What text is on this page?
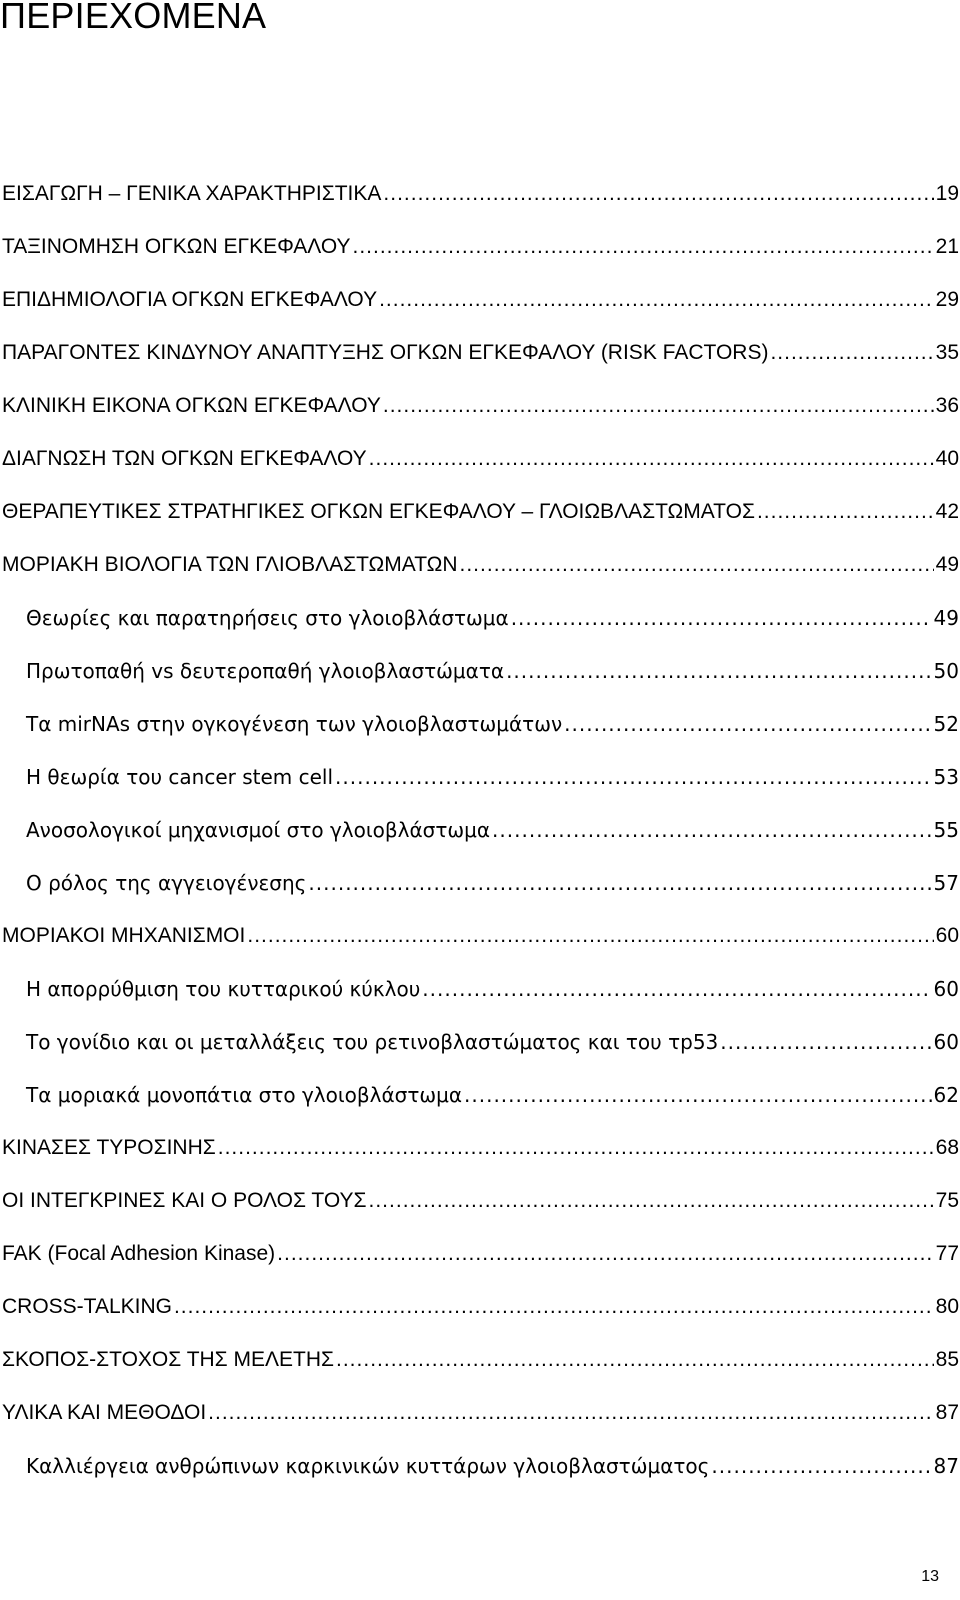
ΠΕΡΙΕΧΟΜΕΝΑ
ΕΙΣΑΓΩΓΗ – ΓΕΝΙΚΑ ΧΑΡΑΚΤΗΡΙΣΤΙΚΑ .....	19
ΤΑΞΙΝΟΜΗΣΗ ΟΓΚΩΝ ΕΓΚΕΦΑΛΟΥ .....	21
ΕΠΙΔΗΜΙΟΛΟΓΙΑ ΟΓΚΩΝ ΕΓΚΕΦΑΛΟΥ .....	29
ΠΑΡΑΓΟΝΤΕΣ ΚΙΝΔΥΝΟΥ ΑΝΑΠΤΥΞΗΣ ΟΓΚΩΝ ΕΓΚΕΦΑΛΟΥ (RISK FACTORS) .....	35
ΚΛΙΝΙΚΗ ΕΙΚΟΝΑ ΟΓΚΩΝ ΕΓΚΕΦΑΛΟΥ .....	36
ΔΙΑΓΝΩΣΗ ΤΩΝ ΟΓΚΩΝ ΕΓΚΕΦΑΛΟΥ .....	40
ΘΕΡΑΠΕΥΤΙΚΕΣ ΣΤΡΑΤΗΓΙΚΕΣ ΟΓΚΩΝ ΕΓΚΕΦΑΛΟΥ – ΓΛΟΙΩΒΛΑΣΤΩΜΑΤΟΣ .....	42
ΜΟΡΙΑΚΗ ΒΙΟΛΟΓΙΑ ΤΩΝ ΓΛΙΟΒΛΑΣΤΩΜΑΤΩΝ .....	49
Θεωρίες και παρατηρήσεις στο γλοιοβλάστωμα .....	49
Πρωτοπαθή vs δευτεροπαθή γλοιοβλαστώματα .....	50
Τα mirNAs στην ογκογένεση των γλοιοβλαστωμάτων .....	52
Η θεωρία του cancer stem cell .....	53
Ανοσολογικοί μηχανισμοί στο γλοιοβλάστωμα .....	55
Ο ρόλος της αγγειογένεσης .....	57
ΜΟΡΙΑΚΟΙ ΜΗΧΑΝΙΣΜΟΙ .....	60
Η απορρύθμιση του κυτταρικού κύκλου .....	60
Το γονίδιο και οι μεταλλάξεις του ρετινοβλαστώματος και του τp53 .....	60
Τα μοριακά μονοπάτια στο γλοιοβλάστωμα .....	62
ΚΙΝΑΣΕΣ ΤΥΡΟΣΙΝΗΣ .....	68
ΟΙ ΙΝΤΕΓΚΡΙΝΕΣ ΚΑΙ Ο ΡΟΛΟΣ ΤΟΥΣ .....	75
FAK (Focal Adhesion Kinase) .....	77
CROSS-TALKING .....	80
ΣΚΟΠΟΣ-ΣΤΟΧΟΣ ΤΗΣ ΜΕΛΕΤΗΣ .....	85
ΥΛΙΚΑ ΚΑΙ ΜΕΘΟΔΟΙ .....	87
Καλλιέργεια ανθρώπινων καρκινικών κυττάρων γλοιοβλαστώματος .....	87
13
